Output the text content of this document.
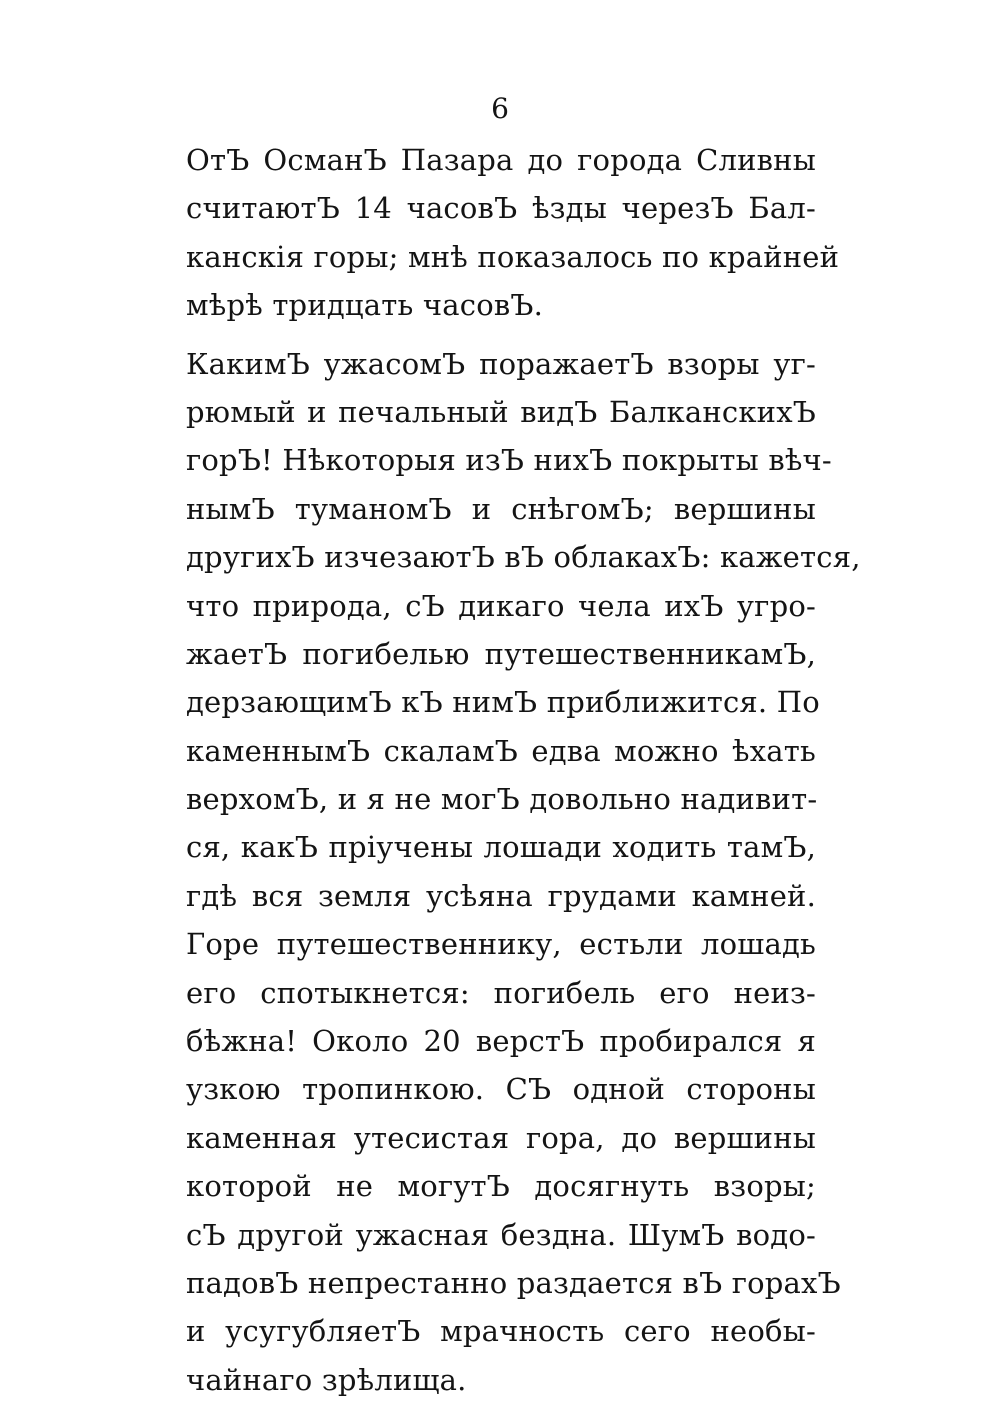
6

ОтЪ ОсманЪ Пазара до города Сливны
считаютЪ 14 часовЪ ѣзды черезЪ Бал-
канскія горы; мнѣ показалось по крайней
мѣрѣ тридцать часовЪ.

КакимЪ ужасомЪ поражаетЪ взоры уг-
рюмый и печальный видЪ БалканскихЪ
горЪ! Нѣкоторыя изЪ нихЪ покрыты вѣч-
нымЪ туманомЪ и снѣгомЪ; вершины
другихЪ изчезаютЪ вЪ облакахЪ: кажется,
что природа, сЪ дикаго чела ихЪ угро-
жаетЪ погибелью путешественникамЪ,
дерзающимЪ кЪ нимЪ приближится. По
каменнымЪ скаламЪ едва можно ѣхать
верхомЪ, и я не могЪ довольно надивит-
ся, какЪ пріучены лошади ходить тамЪ,
гдѣ вся земля усѣяна грудами камней.
Горе путешественнику, естьли лошадь
его спотыкнется: погибель его неиз-
бѣжна! Около 20 верстЪ пробирался я
узкою тропинкою. СЪ одной стороны
каменная утесистая гора, до вершины
которой не могутЪ досягнуть взоры;
сЪ другой ужасная бездна. ШумЪ водо-
падовЪ непрестанно раздается вЪ горахЪ
и усугубляетЪ мрачность сего необы-
чайнаго зрѣлища.
